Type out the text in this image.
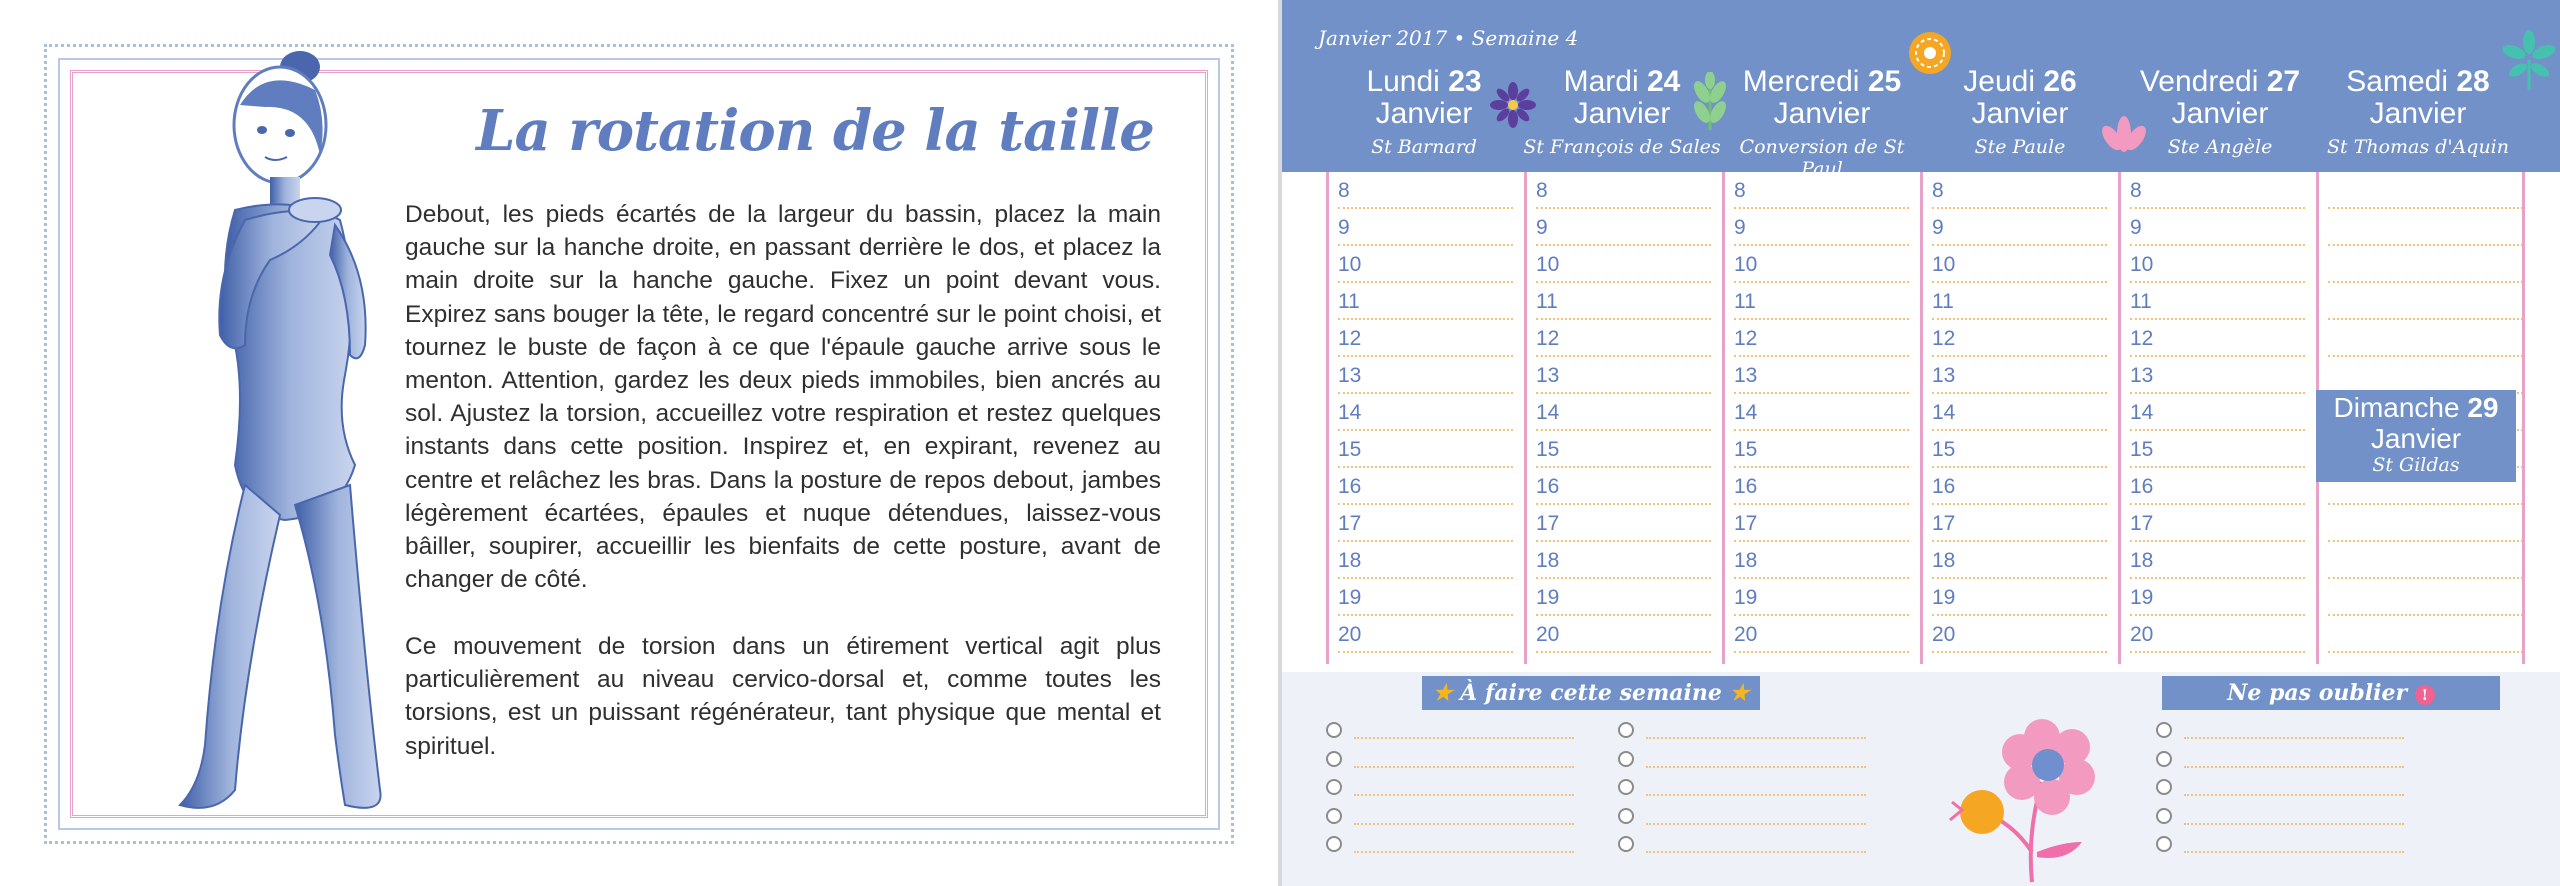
La rotation de la taille

Debout, les pieds écartés de la largeur du bassin, placez la main gauche sur la hanche droite, en passant derrière le dos, et placez la main droite sur la hanche gauche. Fixez un point devant vous. Expirez sans bouger la tête, le regard concentré sur le point choisi, et tournez le buste de façon à ce que l'épaule gauche arrive sous le menton. Attention, gardez les deux pieds immobiles, bien ancrés au sol. Ajustez la torsion, accueillez votre respiration et restez quelques instants dans cette position. Inspirez et, en expirant, revenez au centre et relâchez les bras. Dans la posture de repos debout, jambes légèrement écartées, épaules et nuque détendues, laissez-vous bâiller, soupirer, accueillir les bienfaits de cette posture, avant de changer de côté.

Ce mouvement de torsion dans un étirement vertical agit plus particulièrement au niveau cervico-dorsal et, comme toutes les torsions, est un puissant régénérateur, tant physique que mental et spirituel.

Janvier 2017 • Semaine 4
Lundi 23
Janvier
St Barnard
Mardi 24
Janvier
St François de Sales
Mercredi 25
Janvier
Conversion de St Paul
Jeudi 26
Janvier
Ste Paule
Vendredi 27
Janvier
Ste Angèle
Samedi 28
Janvier
St Thomas d'Aquin
8
9
10
11
12
13
14
15
16
17
18
19
20
8
9
10
11
12
13
14
15
16
17
18
19
20
8
9
10
11
12
13
14
15
16
17
18
19
20
8
9
10
11
12
13
14
15
16
17
18
19
20
8
9
10
11
12
13
14
15
16
17
18
19
20
Dimanche 29
Janvier
St Gildas
★ À faire cette semaine ★	Ne pas oublier !
